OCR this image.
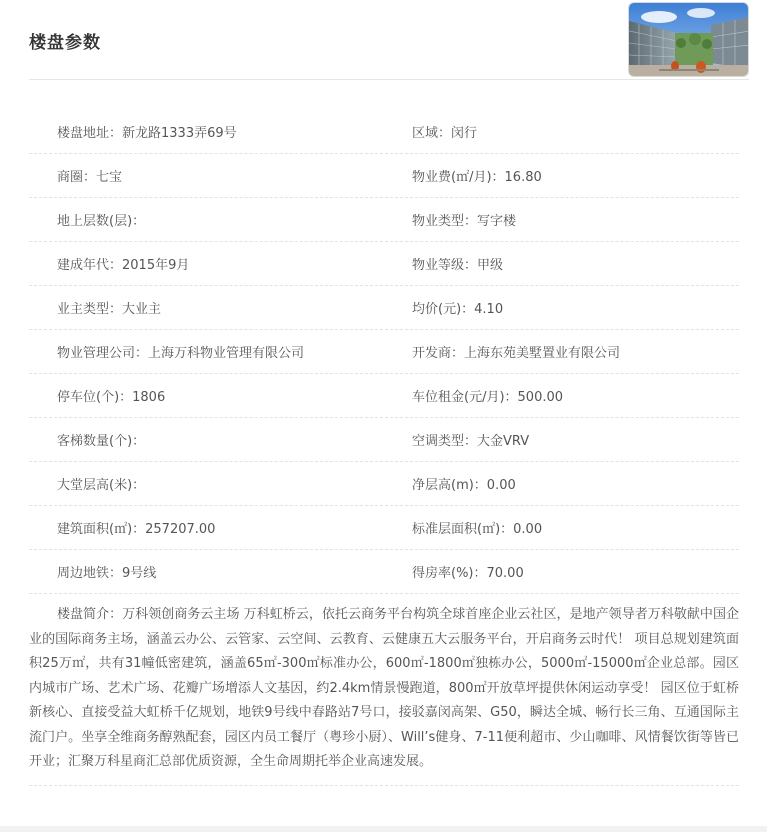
楼盘参数
楼盘地址：新龙路1333弄69号	区域：闵行
商圈：七宝	物业费(㎡/月)：16.80
地上层数(层)：	物业类型：写字楼
建成年代：2015年9月	物业等级：甲级
业主类型：大业主	均价(元)：4.10
物业管理公司：上海万科物业管理有限公司	开发商：上海东苑美墅置业有限公司
停车位(个)：1806	车位租金(元/月)：500.00
客梯数量(个)：	空调类型：大金VRV
大堂层高(米)：	净层高(m)：0.00
建筑面积(㎡)：257207.00	标准层面积(㎡)：0.00
周边地铁：9号线	得房率(%)：70.00

楼盘简介：万科领创商务云主场 万科虹桥云，依托云商务平台构筑全球首座企业云社区，是地产领导者万科敬献中国企业的国际商务主场，涵盖云办公、云管家、云空间、云教育、云健康五大云服务平台，开启商务云时代！ 项目总规划建筑面积25万㎡，共有31幢低密建筑，涵盖65㎡-300㎡标准办公，600㎡-1800㎡独栋办公，5000㎡-15000㎡企业总部。园区内城市广场、艺术广场、花瓣广场增添人文基因，约2.4km情景慢跑道，800㎡开放草坪提供休闲运动享受！ 园区位于虹桥新核心、直接受益大虹桥千亿规划，地铁9号线中春路站7号口，接驳嘉闵高架、G50，瞬达全城、畅行长三角、互通国际主流门户。坐享全维商务醇熟配套，园区内员工餐厅（粤珍小厨）、Will’s健身、7-11便利超市、少山咖啡、风情餐饮街等皆已开业；汇聚万科星商汇总部优质资源，全生命周期托举企业高速发展。
